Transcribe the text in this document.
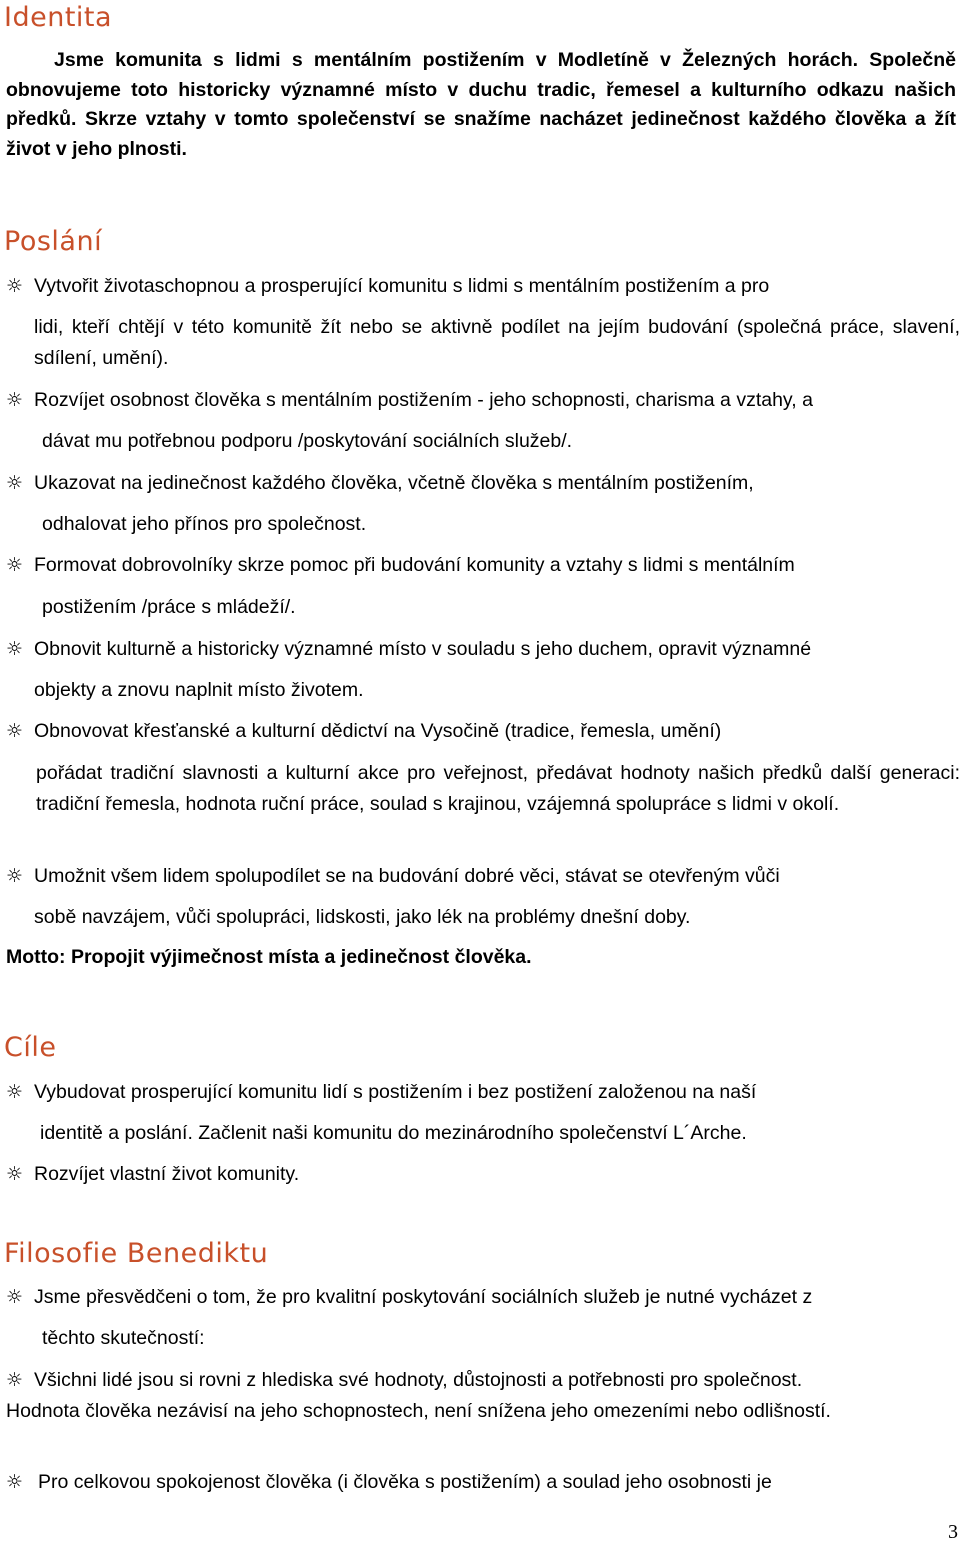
Identita

Jsme komunita s lidmi s mentálním postižením v Modletíně v Železných horách. Společně obnovujeme toto historicky významné místo v duchu tradic, řemesel a kulturního odkazu našich předků. Skrze vztahy v tomto společenství se snažíme nacházet jedinečnost každého člověka a žít život v jeho plnosti.

Poslání

☼ Vytvořit životaschopnou a prosperující komunitu s lidmi s mentálním postižením a pro

lidi, kteří chtějí v této komunitě žít nebo se aktivně podílet na jejím budování (společná práce, slavení, sdílení, umění).

☼ Rozvíjet osobnost člověka s mentálním postižením - jeho schopnosti, charisma a vztahy, a

dávat mu potřebnou podporu /poskytování sociálních služeb/.

☼ Ukazovat na jedinečnost každého člověka, včetně člověka s mentálním postižením,

odhalovat jeho přínos pro společnost.

☼ Formovat dobrovolníky skrze pomoc při budování komunity a vztahy s lidmi s mentálním

postižením /práce s mládeží/.

☼ Obnovit kulturně a historicky významné místo v souladu s jeho duchem, opravit významné

objekty a znovu naplnit místo životem.

☼ Obnovovat křesťanské a kulturní dědictví na Vysočině (tradice, řemesla, umění)

pořádat tradiční slavnosti a kulturní akce pro veřejnost, předávat hodnoty našich předků další generaci: tradiční řemesla, hodnota ruční práce, soulad s krajinou, vzájemná spolupráce s lidmi v okolí.

☼ Umožnit všem lidem spolupodílet se na budování dobré věci, stávat se otevřeným vůči

sobě navzájem, vůči spolupráci, lidskosti, jako lék na problémy dnešní doby.

Motto: Propojit výjimečnost místa a jedinečnost člověka.

Cíle

☼ Vybudovat prosperující komunitu lidí s postižením i bez postižení založenou na naší

identitě a poslání. Začlenit naši komunitu do mezinárodního společenství L´Arche.

☼ Rozvíjet vlastní život komunity.

Filosofie Benediktu

☼ Jsme přesvědčeni o tom, že pro kvalitní poskytování sociálních služeb je nutné vycházet z

těchto skutečností:

☼ Všichni lidé jsou si rovni z hlediska své hodnoty, důstojnosti a potřebnosti pro společnost.

Hodnota člověka nezávisí na jeho schopnostech, není snížena jeho omezeními nebo odlišností.

☼ Pro celkovou spokojenost člověka (i člověka s postižením) a soulad jeho osobnosti je

3
